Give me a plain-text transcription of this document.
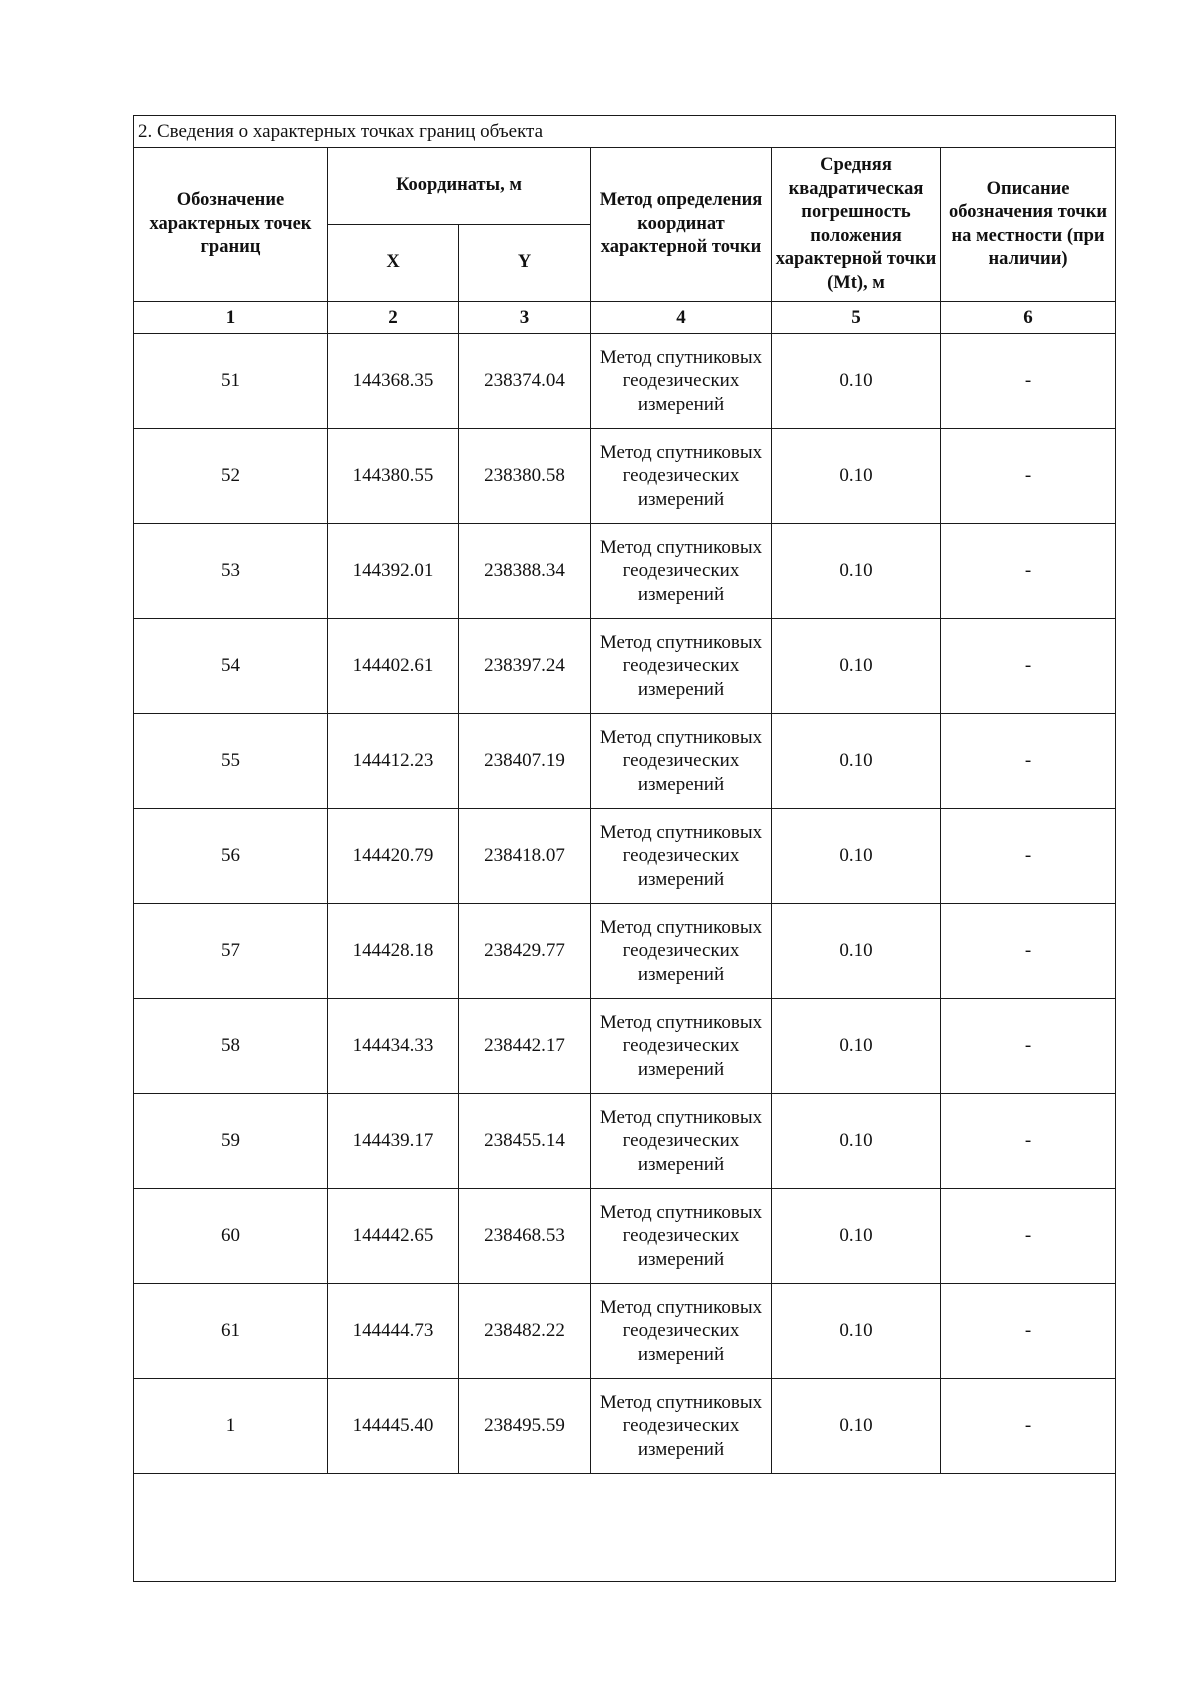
2. Сведения о характерных точках границ объекта					
Обозначение характерных точек границ	Координаты, м		Метод определения координат характерной точки	Средняя квадратическая погрешность положения характерной точки (Mt), м	Описание обозначения точки на местности (при наличии)
	X	Y			
1	2	3	4	5	6
51	144368.35	238374.04	Метод спутниковых геодезических измерений	0.10	-
52	144380.55	238380.58	Метод спутниковых геодезических измерений	0.10	-
53	144392.01	238388.34	Метод спутниковых геодезических измерений	0.10	-
54	144402.61	238397.24	Метод спутниковых геодезических измерений	0.10	-
55	144412.23	238407.19	Метод спутниковых геодезических измерений	0.10	-
56	144420.79	238418.07	Метод спутниковых геодезических измерений	0.10	-
57	144428.18	238429.77	Метод спутниковых геодезических измерений	0.10	-
58	144434.33	238442.17	Метод спутниковых геодезических измерений	0.10	-
59	144439.17	238455.14	Метод спутниковых геодезических измерений	0.10	-
60	144442.65	238468.53	Метод спутниковых геодезических измерений	0.10	-
61	144444.73	238482.22	Метод спутниковых геодезических измерений	0.10	-
1	144445.40	238495.59	Метод спутниковых геодезических измерений	0.10	-
